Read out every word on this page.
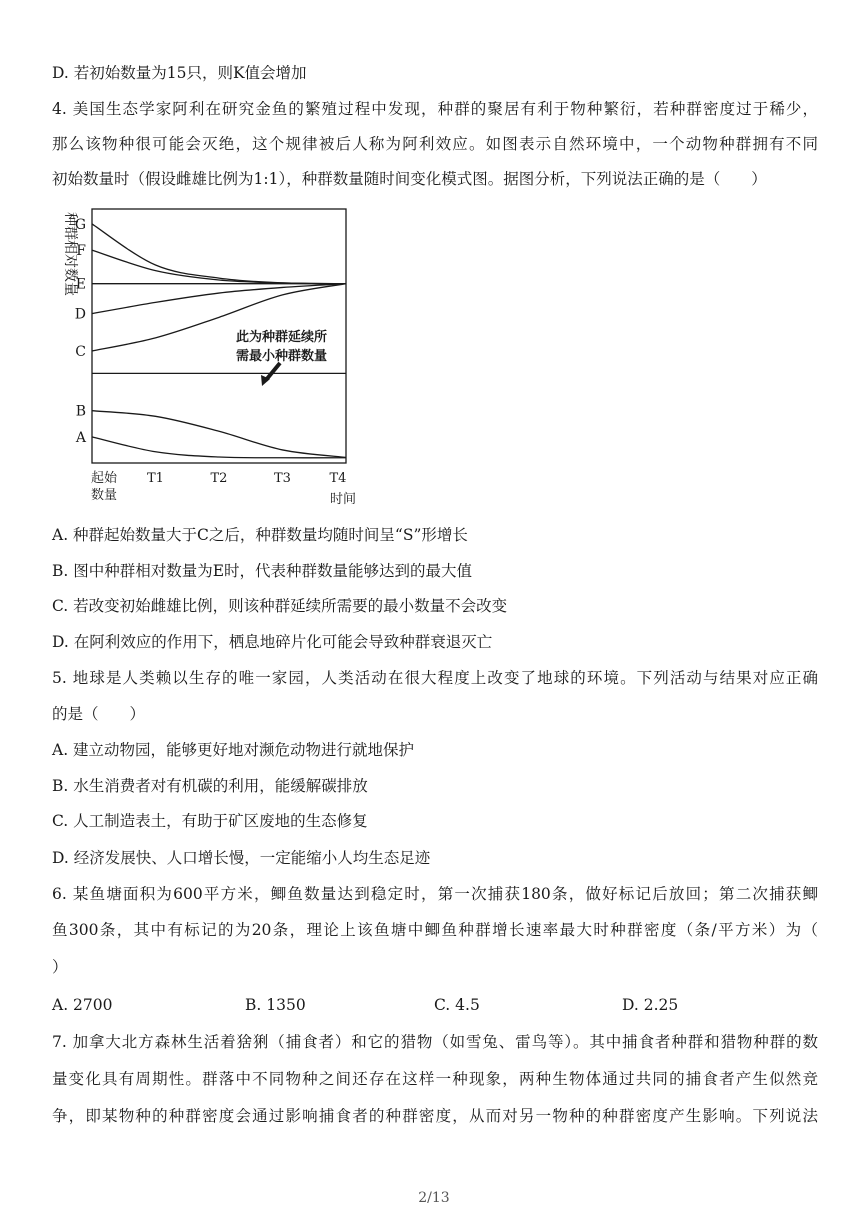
D. 若初始数量为15只，则K值会增加
4. 美国生态学家阿利在研究金鱼的繁殖过程中发现，种群的聚居有利于物种繁衍，若种群密度过于稀少，
那么该物种很可能会灭绝，这个规律被后人称为阿利效应。如图表示自然环境中，一个动物种群拥有不同
初始数量时（假设雌雄比例为1:1），种群数量随时间变化模式图。据图分析，下列说法正确的是（　　）
G
F
E
D
C
B
A
起始
数量
T1	T2	T3	T4
种群相对数量
时间
此为种群延续所
需最小种群数量
A. 种群起始数量大于C之后，种群数量均随时间呈“S”形增长
B. 图中种群相对数量为E时，代表种群数量能够达到的最大值
C. 若改变初始雌雄比例，则该种群延续所需要的最小数量不会改变
D. 在阿利效应的作用下，栖息地碎片化可能会导致种群衰退灭亡
5. 地球是人类赖以生存的唯一家园，人类活动在很大程度上改变了地球的环境。下列活动与结果对应正确
的是（　　）
A. 建立动物园，能够更好地对濒危动物进行就地保护
B. 水生消费者对有机碳的利用，能缓解碳排放
C. 人工制造表土，有助于矿区废地的生态修复
D. 经济发展快、人口增长慢，一定能缩小人均生态足迹
6. 某鱼塘面积为600平方米，鲫鱼数量达到稳定时，第一次捕获180条，做好标记后放回；第二次捕获鲫
鱼300条，其中有标记的为20条，理论上该鱼塘中鲫鱼种群增长速率最大时种群密度（条/平方米）为（
）
A. 2700	B. 1350	C. 4.5	D. 2.25
7. 加拿大北方森林生活着猞猁（捕食者）和它的猎物（如雪兔、雷鸟等）。其中捕食者种群和猎物种群的数
量变化具有周期性。群落中不同物种之间还存在这样一种现象，两种生物体通过共同的捕食者产生似然竞
争，即某物种的种群密度会通过影响捕食者的种群密度，从而对另一物种的种群密度产生影响。下列说法
2/13
